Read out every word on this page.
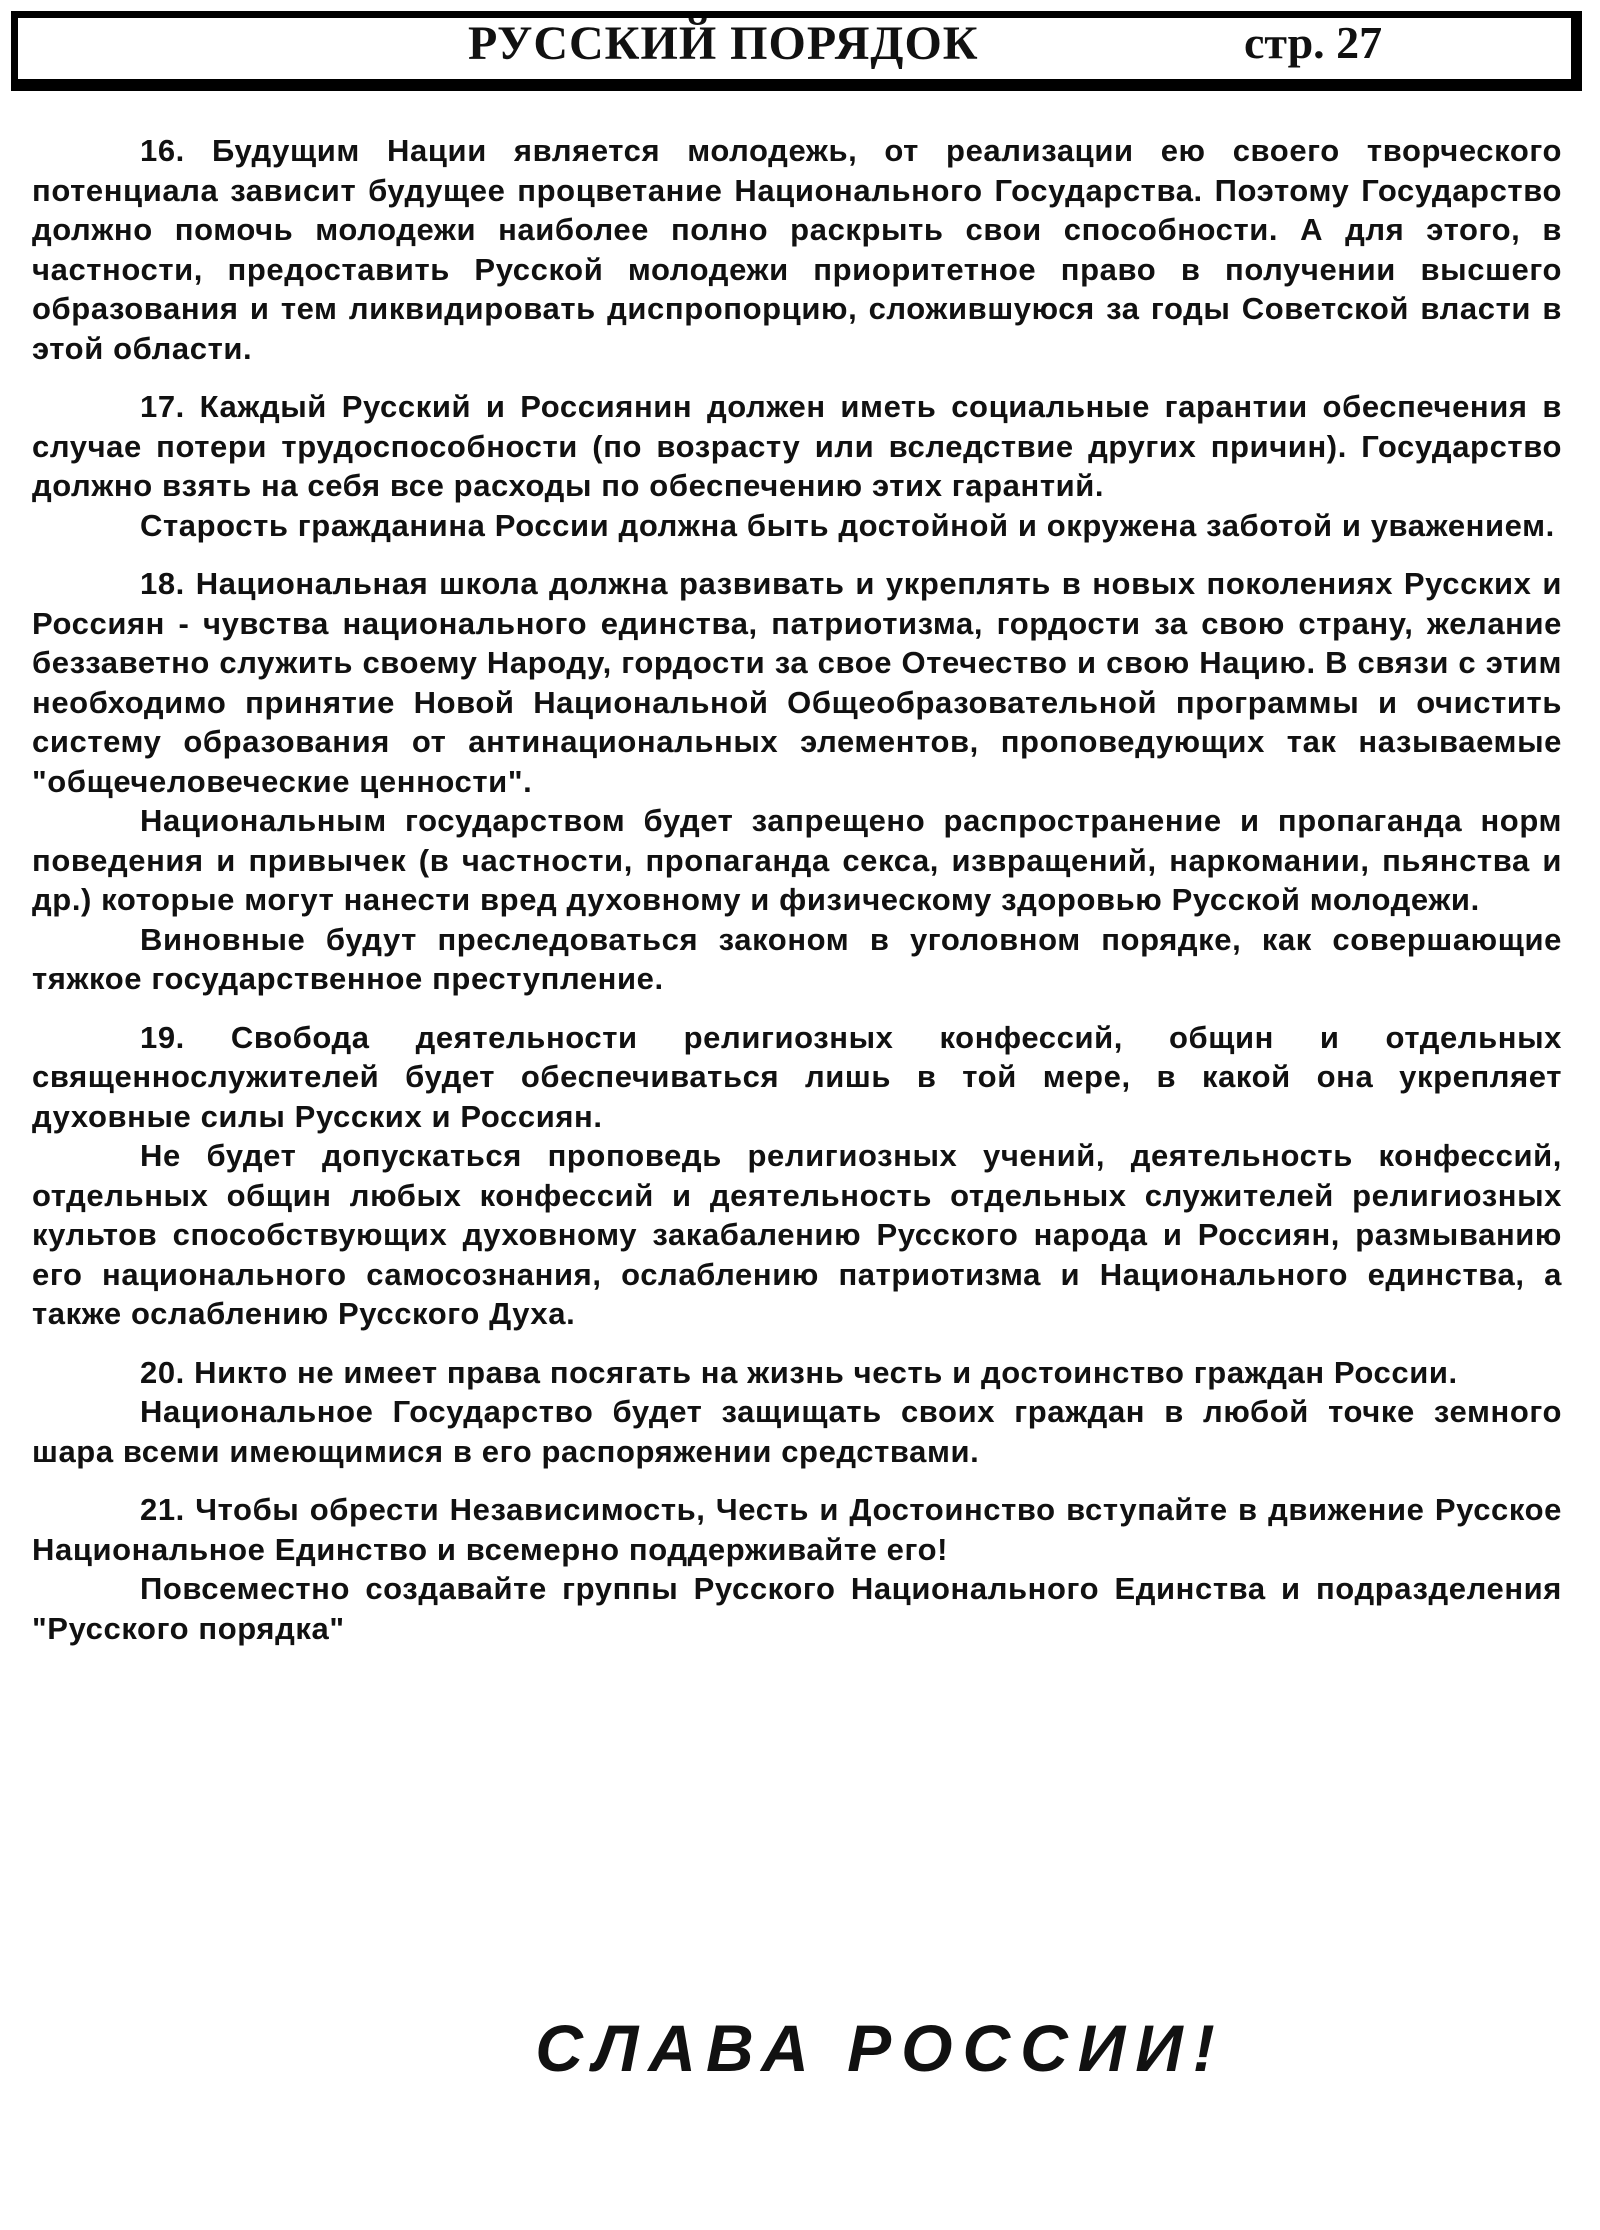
РУССКИЙ ПОРЯДОК	стр. 27

16. Будущим Нации является молодежь, от реализации ею своего творческого потенциала зависит будущее процветание Национального Государства. Поэтому Государство должно помочь молодежи наиболее полно раскрыть свои способности. А для этого, в частности, предоставить Русской молодежи приоритетное право в получении высшего образования и тем ликвидировать диспропорцию, сложившуюся за годы Советской власти в этой области.

17. Каждый Русский и Россиянин должен иметь социальные гарантии обеспечения в случае потери трудоспособности (по возрасту или вследствие других причин). Государство должно взять на себя все расходы по обеспечению этих гарантий.

Старость гражданина России должна быть достойной и окружена заботой и уважением.

18. Национальная школа должна развивать и укреплять в новых поколениях Русских и Россиян - чувства национального единства, патриотизма, гордости за свою страну, желание беззаветно служить своему Народу, гордости за свое Отечество и свою Нацию. В связи с этим необходимо принятие Новой Национальной Общеобразовательной программы и очистить систему образования от антинациональных элементов, проповедующих так называемые "общечеловеческие ценности".

Национальным государством будет запрещено распространение и пропаганда норм поведения и привычек (в частности, пропаганда секса, извращений, наркомании, пьянства и др.) которые могут нанести вред духовному и физическому здоровью Русской молодежи.

Виновные будут преследоваться законом в уголовном порядке, как совершающие тяжкое государственное преступление.

19. Свобода деятельности религиозных конфессий, общин и отдельных священнослужителей будет обеспечиваться лишь в той мере, в какой она укрепляет духовные силы Русских и Россиян.

Не будет допускаться проповедь религиозных учений, деятельность конфессий, отдельных общин любых конфессий и деятельность отдельных служителей религиозных культов способствующих духовному закабалению Русского народа и Россиян, размыванию его национального самосознания, ослаблению патриотизма и Национального единства, а также ослаблению Русского Духа.

20. Никто не имеет права посягать на жизнь честь и достоинство граждан России.

Национальное Государство будет защищать своих граждан в любой точке земного шара всеми имеющимися в его распоряжении средствами.

21. Чтобы обрести Независимость, Честь и Достоинство вступайте в движение Русское Национальное Единство и всемерно поддерживайте его!

Повсеместно создавайте группы Русского Национального Единства и подразделения "Русского порядка"

СЛАВА РОССИИ!
